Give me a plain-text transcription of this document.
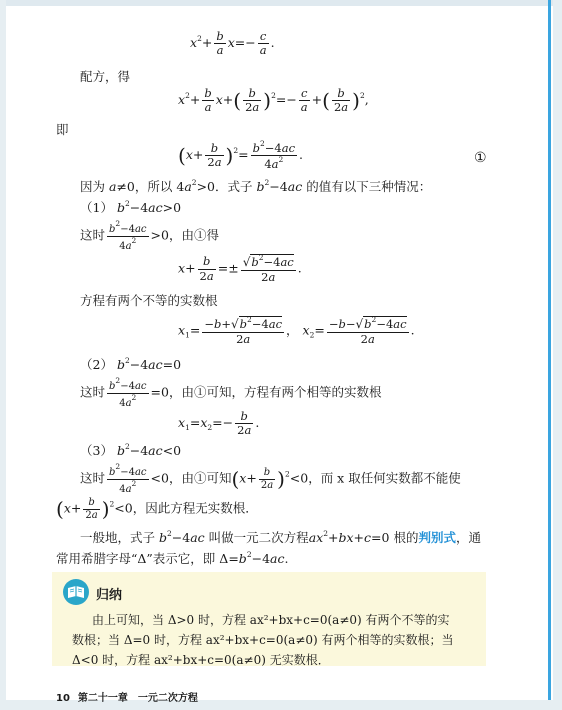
$x^2+ \frac{b}{a} x=- \frac{c}{a}$ .
配方，得
$x^2+ \frac{b}{a} x+( \frac{b}{2a} )^2=- \frac{c}{a}$ +( $\frac{b}{2a} )^2$,
即
$(x+ \frac{b}{2a} )^2= \frac{b^2-4ac}{4a^2}$ .	①
因为 a≠0，所以 $4a^2>0$．式子 $b^2-4ac$ 的值有以下三种情况：
（1） $b^2-4ac>0$
这时 $\frac{b^2-4ac}{4a^2} >0$，由①得
$x+ \frac{b}{2a} =\pm \frac{√b^2-4ac}{2a}$ .
方程有两个不等的实数根
$x_1= \frac{-b+√b^2-4ac}{2a}$ ， $x_2= \frac{-b-√b^2-4ac}{2a}$ .
（2） $b^2-4ac=0$
这时 $\frac{b^2-4ac}{4a^2} =0$，由①可知，方程有两个相等的实数根
$x_1=x_2=- \frac{b}{2a}$ .
（3） $b^2-4ac<0$
这时 $\frac{b^2-4ac}{4a^2} <0$，由①可知$(x+ \frac{b}{2a} )^2<0$，而 x 取任何实数都不能使
$(x+ \frac{b}{2a} )^2<0$，因此方程无实数根．
一般地，式子 $b^2-4ac$ 叫做一元二次方程$ax^2+bx+c=0$ 根的判别式，通
常用希腊字母“Δ”表示它，即 $\Delta=b^2-4ac$.
归纳
由上可知，当 Δ>0 时，方程 ax²+bx+c=0(a≠0) 有两个不等的实
数根；当 Δ=0 时，方程 ax²+bx+c=0(a≠0) 有两个相等的实数根；当
Δ<0 时，方程 ax²+bx+c=0(a≠0) 无实数根．
10 第二十一章　一元二次方程
